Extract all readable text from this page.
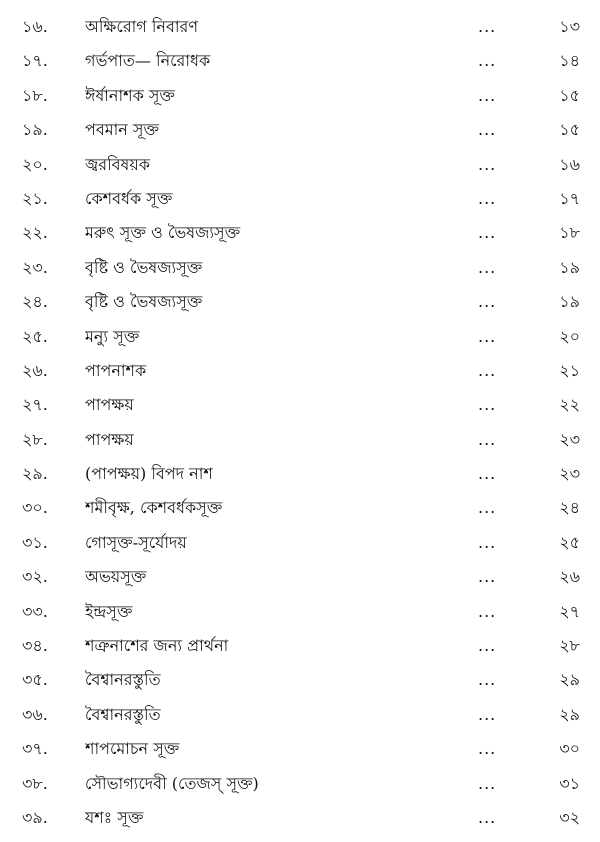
১৬.	অক্ষিরোগ নিবারণ	...	১৩
১৭.	গর্ভপাত— নিরোধক	...	১৪
১৮.	ঈর্ষানাশক সূক্ত	...	১৫
১৯.	পবমান সূক্ত	...	১৫
২০.	জ্বরবিষয়ক	...	১৬
২১.	কেশবর্ধক সূক্ত	...	১৭
২২.	মরুৎ সূক্ত ও ভৈষজ্যসূক্ত	...	১৮
২৩.	বৃষ্টি ও ভৈষজ্যসূক্ত	...	১৯
২৪.	বৃষ্টি ও ভৈষজ্যসূক্ত	...	১৯
২৫.	মন্যু সূক্ত	...	২০
২৬.	পাপনাশক	...	২১
২৭.	পাপক্ষয়	...	২২
২৮.	পাপক্ষয়	...	২৩
২৯.	(পাপক্ষয়) বিপদ নাশ	...	২৩
৩০.	শমীবৃক্ষ, কেশবর্ধকসূক্ত	...	২৪
৩১.	গোসূক্ত-সূর্যোদয়	...	২৫
৩২.	অভয়সূক্ত	...	২৬
৩৩.	ইন্দ্রসূক্ত	...	২৭
৩৪.	শত্রুনাশের জন্য প্রার্থনা	...	২৮
৩৫.	বৈশ্বানরস্তুতি	...	২৯
৩৬.	বৈশ্বানরস্তুতি	...	২৯
৩৭.	শাপমোচন সূক্ত	...	৩০
৩৮.	সৌভাগ্যদেবী (তেজস্ সূক্ত)	...	৩১
৩৯.	যশঃ সূক্ত	...	৩২
